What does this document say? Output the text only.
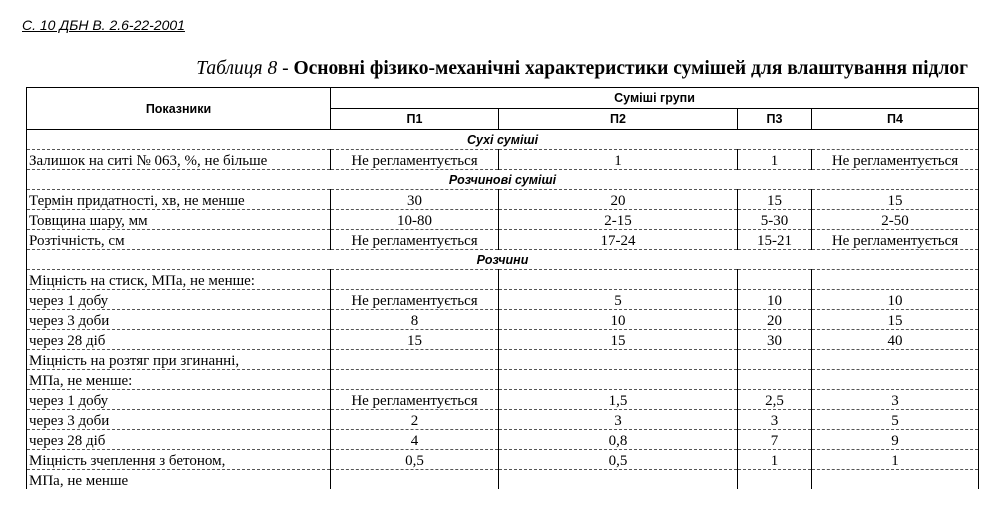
С. 10 ДБН В. 2.6-22-2001
Таблиця 8 - Основні фізико-механічні характеристики сумішей для влаштування підлог
Показники	Суміші групи			
	П1	П2	П3	П4
Сухі суміші				
Залишок на ситі № 063, %, не більше	Не регламентується	1	1	Не регламентується
Розчинові суміші				
Термін придатності, хв, не менше	30	20	15	15
Товщина шару, мм	10-80	2-15	5-30	2-50
Розтічність, см	Не регламентується	17-24	15-21	Не регламентується
Розчини				
Міцність на стиск, МПа, не менше:				
через 1 добу	Не регламентується	5	10	10
через 3 доби	8	10	20	15
через 28 діб	15	15	30	40
Міцність на розтяг при згинанні,				
МПа, не менше:				
через 1 добу	Не регламентується	1,5	2,5	3
через 3 доби	2	3	3	5
через 28 діб	4	0,8	7	9
Міцність зчеплення з бетоном,	0,5	0,5	1	1
МПа, не менше				
